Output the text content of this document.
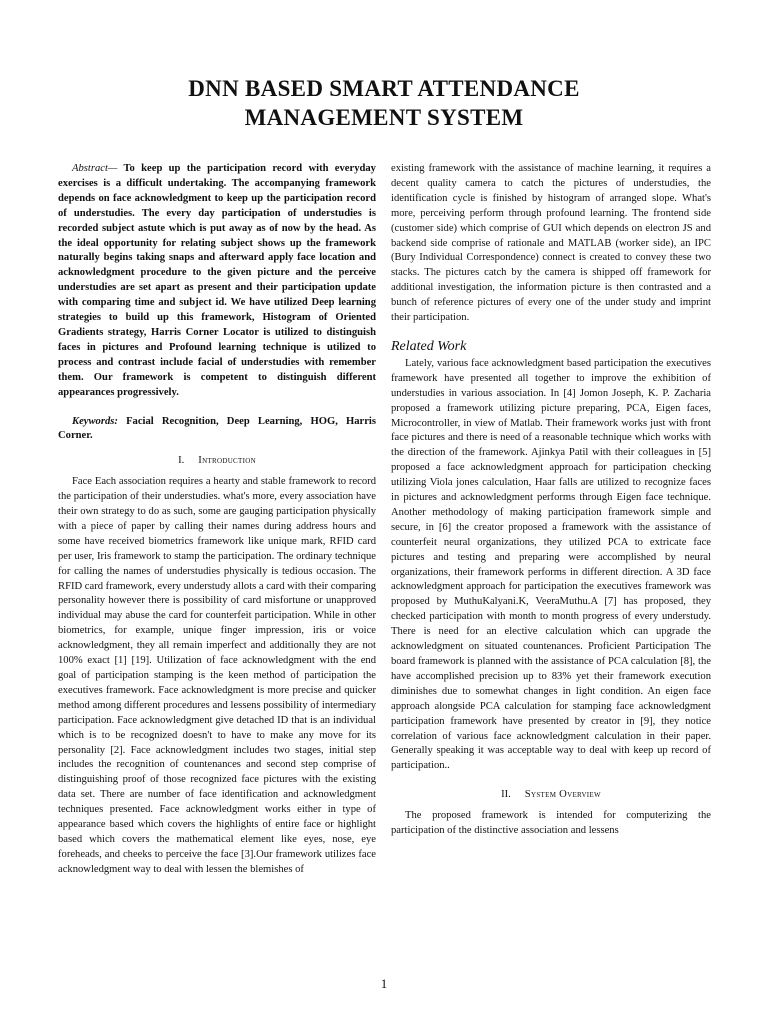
DNN BASED SMART ATTENDANCE
MANAGEMENT SYSTEM

Abstract— To keep up the participation record with everyday exercises is a difficult undertaking. The accompanying framework depends on face acknowledgment to keep up the participation record of understudies. The every day participation of understudies is recorded subject astute which is put away as of now by the head. As the ideal opportunity for relating subject shows up the framework naturally begins taking snaps and afterward apply face location and acknowledgment procedure to the given picture and the perceive understudies are set apart as present and their participation update with comparing time and subject id. We have utilized Deep learning strategies to build up this framework, Histogram of Oriented Gradients strategy, Harris Corner Locator is utilized to distinguish faces in pictures and Profound learning technique is utilized to process and contrast include facial of understudies with remember them. Our framework is competent to distinguish different appearances progressively.

Keywords: Facial Recognition, Deep Learning, HOG, Harris Corner.

I. Introduction

Face Each association requires a hearty and stable framework to record the participation of their understudies. what's more, every association have their own strategy to do as such, some are gauging participation physically with a piece of paper by calling their names during address hours and some have received biometrics framework like unique mark, RFID card per user, Iris framework to stamp the participation. The ordinary technique for calling the names of understudies physically is tedious occasion. The RFID card framework, every understudy allots a card with their comparing personality however there is possibility of card misfortune or unapproved individual may abuse the card for counterfeit participation. While in other biometrics, for example, unique finger impression, iris or voice acknowledgment, they all remain imperfect and additionally they are not 100% exact [1] [19]. Utilization of face acknowledgment with the end goal of participation stamping is the keen method of participation the executives framework. Face acknowledgment is more precise and quicker method among different procedures and lessens possibility of intermediary participation. Face acknowledgment give detached ID that is an individual which is to be recognized doesn't to have to make any move for its personality [2]. Face acknowledgment includes two stages, initial step includes the recognition of countenances and second step comprise of distinguishing proof of those recognized face pictures with the existing data set. There are number of face identification and acknowledgment techniques presented. Face acknowledgment works either in type of appearance based which covers the highlights of entire face or highlight based which covers the mathematical element like eyes, nose, eye foreheads, and cheeks to perceive the face [3].Our framework utilizes face acknowledgment way to deal with lessen the blemishes of

existing framework with the assistance of machine learning, it requires a decent quality camera to catch the pictures of understudies, the identification cycle is finished by histogram of arranged slope. What's more, perceiving perform through profound learning. The frontend side (customer side) which comprise of GUI which depends on electron JS and backend side comprise of rationale and MATLAB (worker side), an IPC (Bury Individual Correspondence) connect is created to convey these two stacks. The pictures catch by the camera is shipped off framework for additional investigation, the information picture is then contrasted and a bunch of reference pictures of every one of the under study and imprint their participation.

Related Work

Lately, various face acknowledgment based participation the executives framework have presented all together to improve the exhibition of understudies in various association. In [4] Jomon Joseph, K. P. Zacharia proposed a framework utilizing picture preparing, PCA, Eigen faces, Microcontroller, in view of Matlab. Their framework works just with front face pictures and there is need of a reasonable technique which works with the direction of the framework. Ajinkya Patil with their colleagues in [5] proposed a face acknowledgment approach for participation checking utilizing Viola jones calculation, Haar falls are utilized to recognize faces in pictures and acknowledgment performs through Eigen face technique. Another methodology of making participation framework simple and secure, in [6] the creator proposed a framework with the assistance of counterfeit neural organizations, they utilized PCA to extricate face pictures and testing and preparing were accomplished by neural organizations, their framework performs in different direction. A 3D face acknowledgment approach for participation the executives framework was proposed by MuthuKalyani.K, VeeraMuthu.A [7] has proposed, they checked participation with month to month progress of every understudy. There is need for an elective calculation which can upgrade the acknowledgment on situated countenances. Proficient Participation The board framework is planned with the assistance of PCA calculation [8], the have accomplished precision up to 83% yet their framework execution diminishes due to somewhat changes in light condition. An eigen face approach alongside PCA calculation for stamping face acknowledgment participation framework have presented by creator in [9], they notice correlation of various face acknowledgment calculation in their paper. Generally speaking it was acceptable way to deal with keep up record of participation..

II. System Overview

The proposed framework is intended for computerizing the participation of the distinctive association and lessens

1
